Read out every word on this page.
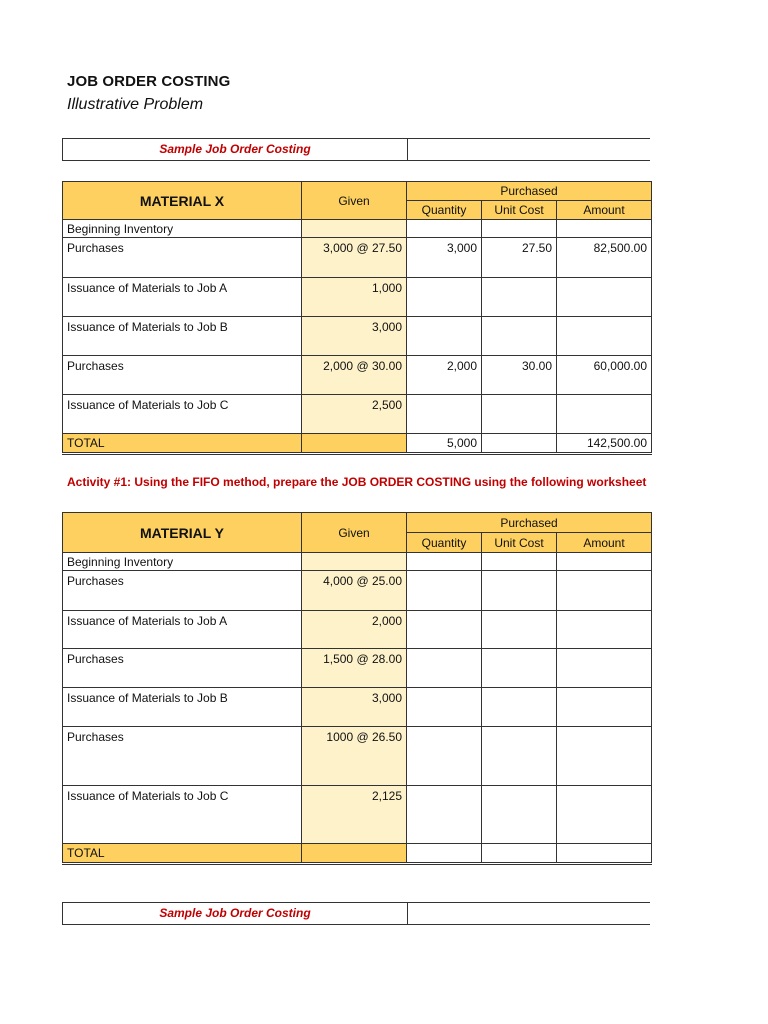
JOB ORDER COSTING
Illustrative Problem
Sample Job Order Costing
MATERIAL X	Given	Purchased		
		Quantity	Unit Cost	Amount
Beginning Inventory				
Purchases	3,000 @ 27.50	3,000	27.50	82,500.00
Issuance of Materials to Job A	1,000			
Issuance of Materials to Job B	3,000			
Purchases	2,000 @ 30.00	2,000	30.00	60,000.00
Issuance of Materials to Job C	2,500			
TOTAL		5,000		142,500.00
Activity #1: Using the FIFO method, prepare the JOB ORDER COSTING using the following worksheet
MATERIAL Y	Given	Purchased		
		Quantity	Unit Cost	Amount
Beginning Inventory				
Purchases	4,000 @ 25.00			
Issuance of Materials to Job A	2,000			
Purchases	1,500 @ 28.00			
Issuance of Materials to Job B	3,000			
Purchases	1000 @ 26.50			
Issuance of Materials to Job C	2,125			
TOTAL				
Sample Job Order Costing
